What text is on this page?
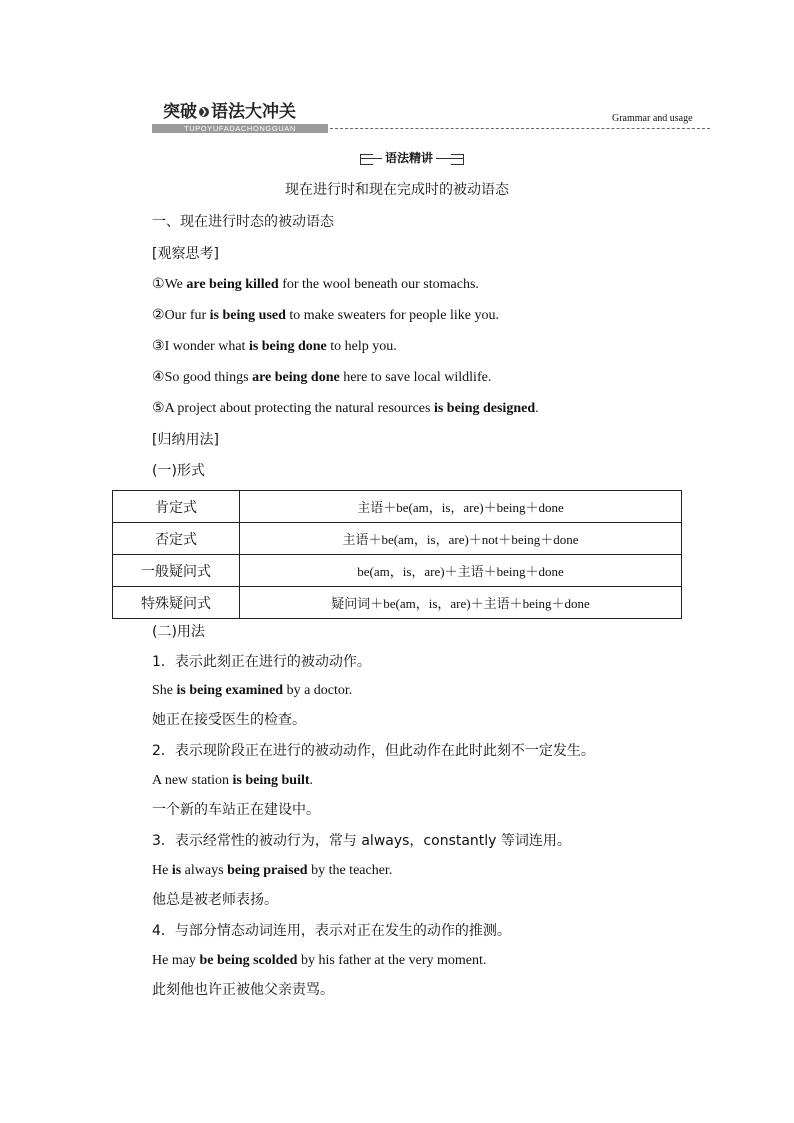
突破 ❯ 语法大冲关
TUPOYUFADACHONGGUAN
Grammar and usage
语法精讲
现在进行时和现在完成时的被动语态
一、现在进行时态的被动语态
[观察思考]
①We are being killed for the wool beneath our stomachs.
②Our fur is being used to make sweaters for people like you.
③I wonder what is being done to help you.
④So good things are being done here to save local wildlife.
⑤A project about protecting the natural resources is being designed.
[归纳用法]
(一)形式
肯定式	主语＋be(am，is，are)＋being＋done
否定式	主语＋be(am，is，are)＋not＋being＋done
一般疑问式	be(am，is，are)＋主语＋being＋done
特殊疑问式	疑问词＋be(am，is，are)＋主语＋being＋done
(二)用法
1．表示此刻正在进行的被动动作。
She is being examined by a doctor.
她正在接受医生的检查。
2．表示现阶段正在进行的被动动作，但此动作在此时此刻不一定发生。
A new station is being built.
一个新的车站正在建设中。
3．表示经常性的被动行为，常与 always，constantly 等词连用。
He is always being praised by the teacher.
他总是被老师表扬。
4．与部分情态动词连用，表示对正在发生的动作的推测。
He may be being scolded by his father at the very moment.
此刻他也许正被他父亲责骂。
